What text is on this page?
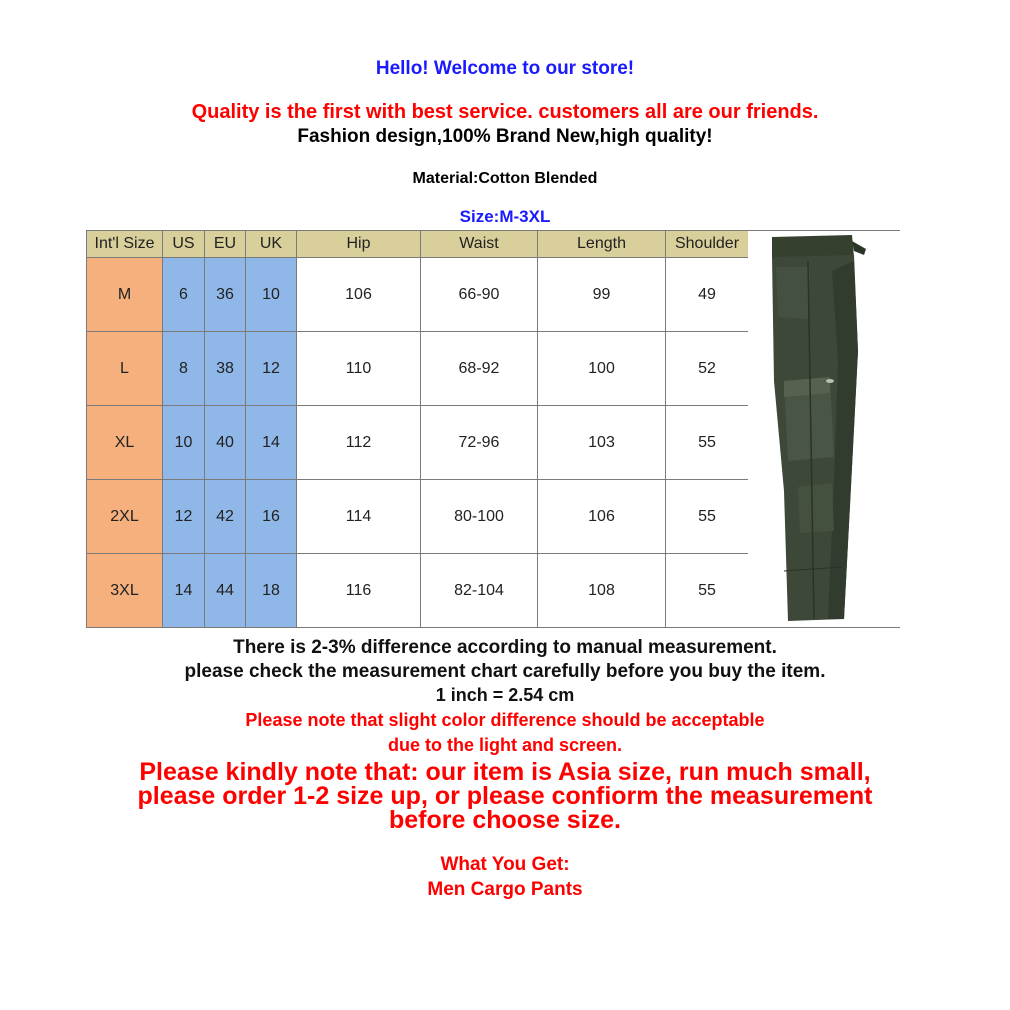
Hello! Welcome to our store!
Quality is the first with best service. customers all are our friends.
Fashion design,100% Brand New,high quality!
Material:Cotton Blended
Size:M-3XL
Int'l Size	US	EU	UK	Hip	Waist	Length	Shoulder
M	6	36	10	106	66-90	99	49
L	8	38	12	110	68-92	100	52
XL	10	40	14	112	72-96	103	55
2XL	12	42	16	114	80-100	106	55
3XL	14	44	18	116	82-104	108	55
There is 2-3% difference according to manual measurement.
please check the measurement chart carefully before you buy the item.
1 inch = 2.54 cm
Please note that slight color difference should be acceptable
due to the light and screen.
Please kindly note that: our item is Asia size, run much small,
please order 1-2 size up, or please confiorm the measurement
before choose size.
What You Get:
Men Cargo Pants
